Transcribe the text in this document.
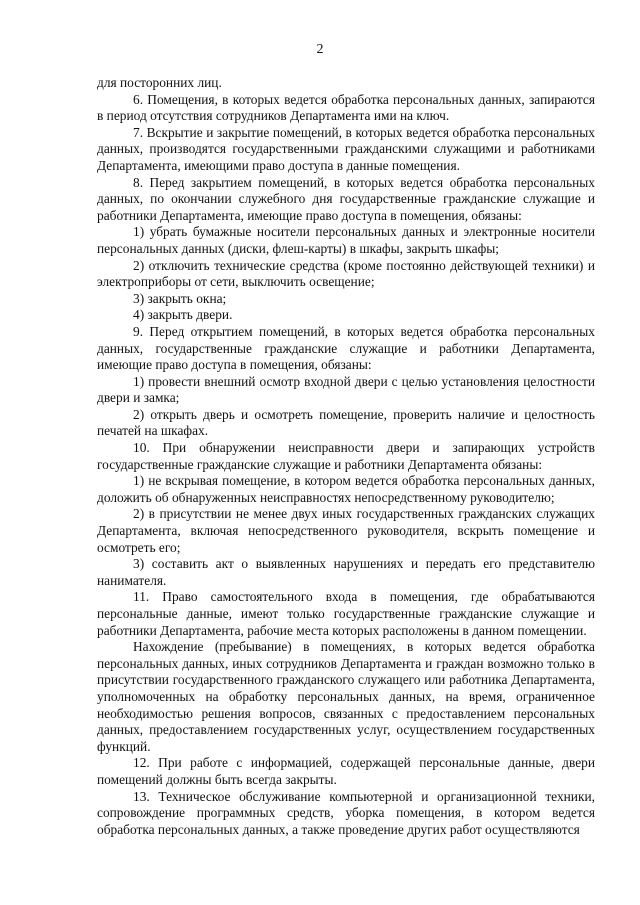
2

для посторонних лиц.

6. Помещения, в которых ведется обработка персональных данных, запираются в период отсутствия сотрудников Департамента ими на ключ.

7. Вскрытие и закрытие помещений, в которых ведется обработка персональных данных, производятся государственными гражданскими служащими и работниками Департамента, имеющими право доступа в данные помещения.

8. Перед закрытием помещений, в которых ведется обработка персональных данных, по окончании служебного дня государственные гражданские служащие и работники Департамента, имеющие право доступа в помещения, обязаны:

1) убрать бумажные носители персональных данных и электронные носители персональных данных (диски, флеш-карты) в шкафы, закрыть шкафы;

2) отключить технические средства (кроме постоянно действующей техники) и электроприборы от сети, выключить освещение;

3) закрыть окна;

4) закрыть двери.

9. Перед открытием помещений, в которых ведется обработка персональных данных, государственные гражданские служащие и работники Департамента, имеющие право доступа в помещения, обязаны:

1) провести внешний осмотр входной двери с целью установления целостности двери и замка;

2) открыть дверь и осмотреть помещение, проверить наличие и целостность печатей на шкафах.

10. При обнаружении неисправности двери и запирающих устройств государственные гражданские служащие и работники Департамента обязаны:

1) не вскрывая помещение, в котором ведется обработка персональных данных, доложить об обнаруженных неисправностях непосредственному руководителю;

2) в присутствии не менее двух иных государственных гражданских служащих Департамента, включая непосредственного руководителя, вскрыть помещение и осмотреть его;

3) составить акт о выявленных нарушениях и передать его представителю нанимателя.

11. Право самостоятельного входа в помещения, где обрабатываются персональные данные, имеют только государственные гражданские служащие и работники Департамента, рабочие места которых расположены в данном помещении.

Нахождение (пребывание) в помещениях, в которых ведется обработка персональных данных, иных сотрудников Департамента и граждан возможно только в присутствии государственного гражданского служащего или работника Департамента, уполномоченных на обработку персональных данных, на время, ограниченное необходимостью решения вопросов, связанных с предоставлением персональных данных, предоставлением государственных услуг, осуществлением государственных функций.

12. При работе с информацией, содержащей персональные данные, двери помещений должны быть всегда закрыты.

13. Техническое обслуживание компьютерной и организационной техники, сопровождение программных средств, уборка помещения, в котором ведется обработка персональных данных, а также проведение других работ осуществляются
